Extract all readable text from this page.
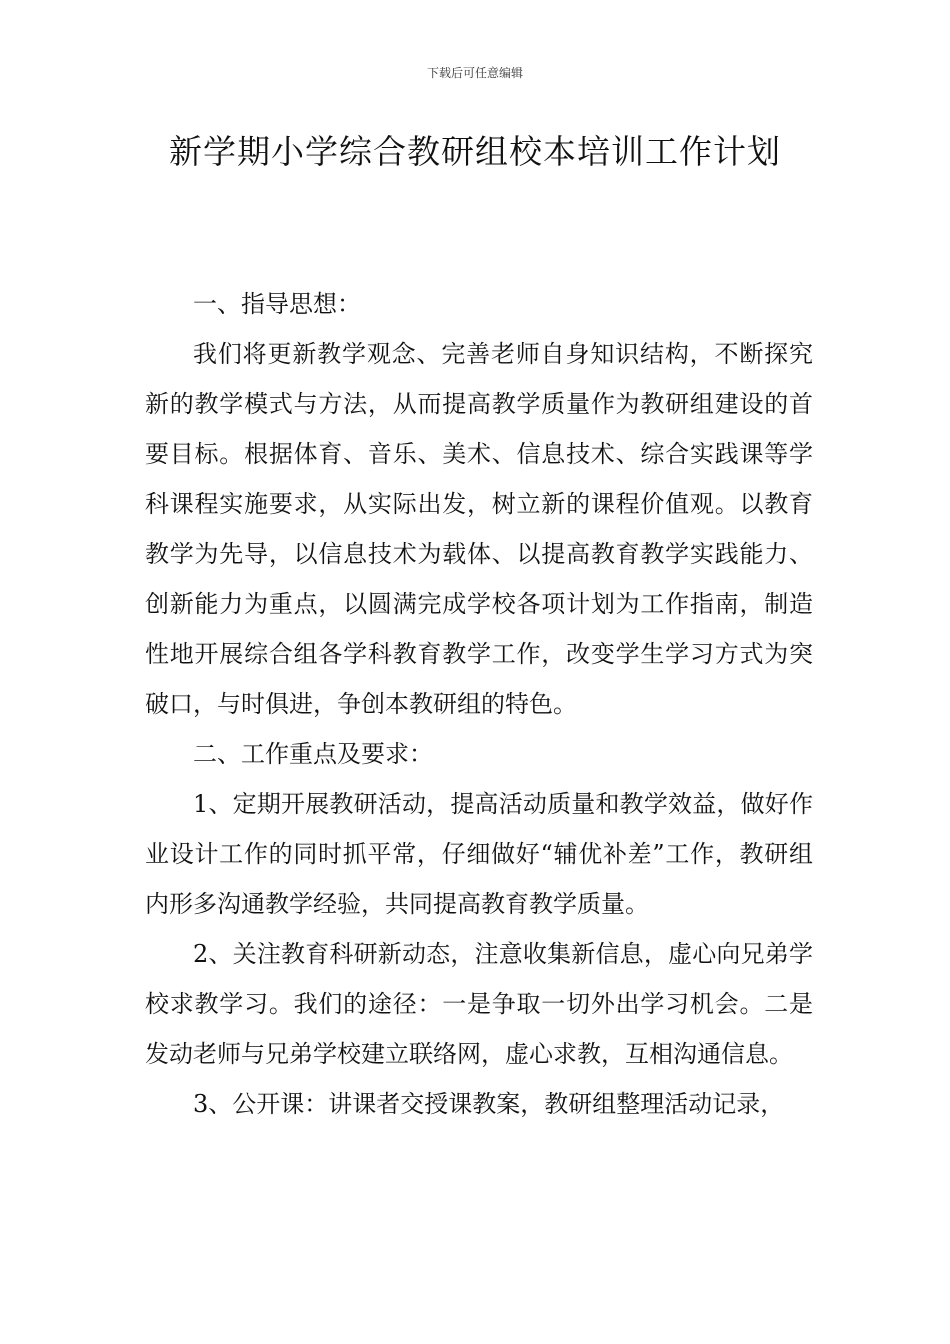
下载后可任意编辑
新学期小学综合教研组校本培训工作计划

一、指导思想：

我们将更新教学观念、完善老师自身知识结构，不断探究新的教学模式与方法，从而提高教学质量作为教研组建设的首要目标。根据体育、音乐、美术、信息技术、综合实践课等学科课程实施要求，从实际出发，树立新的课程价值观。以教育教学为先导，以信息技术为载体、以提高教育教学实践能力、创新能力为重点，以圆满完成学校各项计划为工作指南，制造性地开展综合组各学科教育教学工作，改变学生学习方式为突破口，与时俱进，争创本教研组的特色。

二、工作重点及要求：

1、定期开展教研活动，提高活动质量和教学效益，做好作业设计工作的同时抓平常，仔细做好“辅优补差”工作，教研组内形多沟通教学经验，共同提高教育教学质量。

2、关注教育科研新动态，注意收集新信息，虚心向兄弟学校求教学习。我们的途径：一是争取一切外出学习机会。二是发动老师与兄弟学校建立联络网，虚心求教，互相沟通信息。

3、公开课：讲课者交授课教案，教研组整理活动记录，
